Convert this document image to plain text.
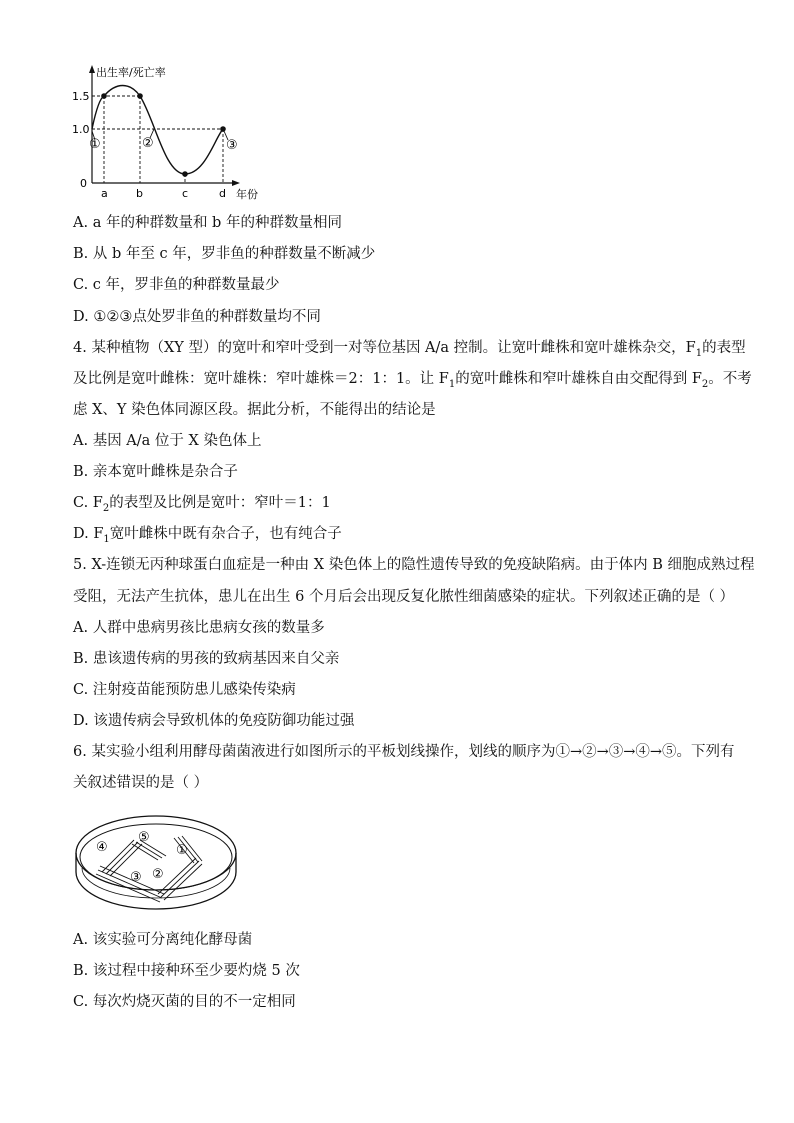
出生率/死亡率
1.5
1.0
0
a	b	c	d 年份
①	②	③
A. a 年的种群数量和 b 年的种群数量相同
B. 从 b 年至 c 年，罗非鱼的种群数量不断减少
C. c 年，罗非鱼的种群数量最少
D. ①②③点处罗非鱼的种群数量均不同
4. 某种植物（XY 型）的宽叶和窄叶受到一对等位基因 A/a 控制。让宽叶雌株和宽叶雄株杂交，$F_1$的表型
及比例是宽叶雌株：宽叶雄株：窄叶雄株＝2：1：1。让 $F_1$的宽叶雌株和窄叶雄株自由交配得到 $F_2$。不考
虑 X、Y 染色体同源区段。据此分析，不能得出的结论是
A. 基因 A/a 位于 X 染色体上
B. 亲本宽叶雌株是杂合子
C. $F_2$的表型及比例是宽叶：窄叶＝1：1
D. $F_1$宽叶雌株中既有杂合子，也有纯合子
5. X-连锁无丙种球蛋白血症是一种由 X 染色体上的隐性遗传导致的免疫缺陷病。由于体内 B 细胞成熟过程
受阻，无法产生抗体，患儿在出生 6 个月后会出现反复化脓性细菌感染的症状。下列叙述正确的是（ ）
A. 人群中患病男孩比患病女孩的数量多
B. 患该遗传病的男孩的致病基因来自父亲
C. 注射疫苗能预防患儿感染传染病
D. 该遗传病会导致机体的免疫防御功能过强
6. 某实验小组利用酵母菌菌液进行如图所示的平板划线操作，划线的顺序为①→②→③→④→⑤。下列有
关叙述错误的是（ ）
⑤
④	①
③ ②
A. 该实验可分离纯化酵母菌
B. 该过程中接种环至少要灼烧 5 次
C. 每次灼烧灭菌的目的不一定相同
